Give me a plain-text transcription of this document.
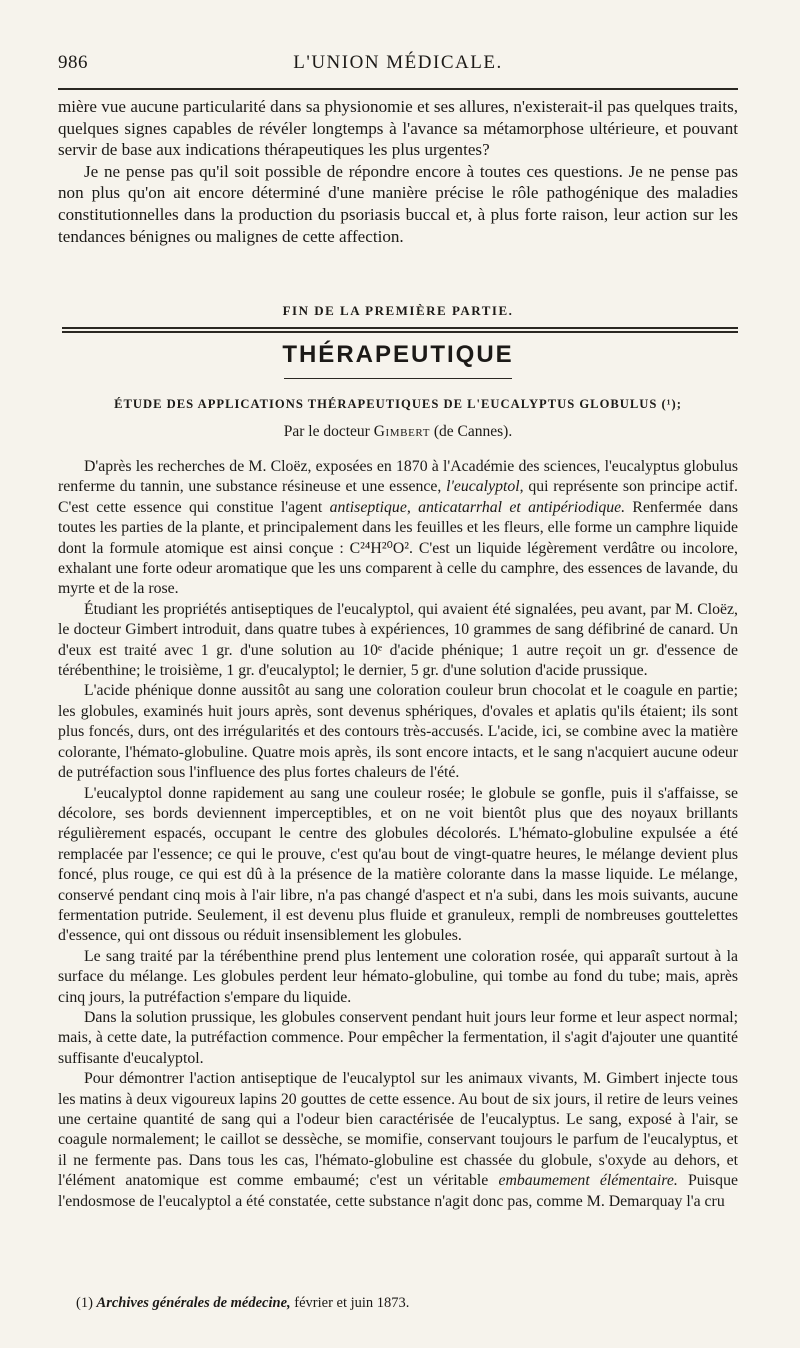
986	L'UNION MÉDICALE.

mière vue aucune particularité dans sa physionomie et ses allures, n'existerait-il pas quelques traits, quelques signes capables de révéler longtemps à l'avance sa métamorphose ultérieure, et pouvant servir de base aux indications thérapeutiques les plus urgentes?

Je ne pense pas qu'il soit possible de répondre encore à toutes ces questions. Je ne pense pas non plus qu'on ait encore déterminé d'une manière précise le rôle pathogénique des maladies constitutionnelles dans la production du psoriasis buccal et, à plus forte raison, leur action sur les tendances bénignes ou malignes de cette affection.

FIN DE LA PREMIÈRE PARTIE.
THÉRAPEUTIQUE
ÉTUDE DES APPLICATIONS THÉRAPEUTIQUES DE L'EUCALYPTUS GLOBULUS (¹);
Par le docteur Gimbert (de Cannes).

D'après les recherches de M. Cloëz, exposées en 1870 à l'Académie des sciences, l'eucalyptus globulus renferme du tannin, une substance résineuse et une essence, l'eucalyptol, qui représente son principe actif. C'est cette essence qui constitue l'agent antiseptique, anticatarrhal et antipériodique. Renfermée dans toutes les parties de la plante, et principalement dans les feuilles et les fleurs, elle forme un camphre liquide dont la formule atomique est ainsi conçue : C²⁴H²⁰O². C'est un liquide légèrement verdâtre ou incolore, exhalant une forte odeur aromatique que les uns comparent à celle du camphre, des essences de lavande, du myrte et de la rose.

Étudiant les propriétés antiseptiques de l'eucalyptol, qui avaient été signalées, peu avant, par M. Cloëz, le docteur Gimbert introduit, dans quatre tubes à expériences, 10 grammes de sang défibriné de canard. Un d'eux est traité avec 1 gr. d'une solution au 10ᵉ d'acide phénique; 1 autre reçoit un gr. d'essence de térébenthine; le troisième, 1 gr. d'eucalyptol; le dernier, 5 gr. d'une solution d'acide prussique.

L'acide phénique donne aussitôt au sang une coloration couleur brun chocolat et le coagule en partie; les globules, examinés huit jours après, sont devenus sphériques, d'ovales et aplatis qu'ils étaient; ils sont plus foncés, durs, ont des irrégularités et des contours très-accusés. L'acide, ici, se combine avec la matière colorante, l'hémato-globuline. Quatre mois après, ils sont encore intacts, et le sang n'acquiert aucune odeur de putréfaction sous l'influence des plus fortes chaleurs de l'été.

L'eucalyptol donne rapidement au sang une couleur rosée; le globule se gonfle, puis il s'affaisse, se décolore, ses bords deviennent imperceptibles, et on ne voit bientôt plus que des noyaux brillants régulièrement espacés, occupant le centre des globules décolorés. L'hémato-globuline expulsée a été remplacée par l'essence; ce qui le prouve, c'est qu'au bout de vingt-quatre heures, le mélange devient plus foncé, plus rouge, ce qui est dû à la présence de la matière colorante dans la masse liquide. Le mélange, conservé pendant cinq mois à l'air libre, n'a pas changé d'aspect et n'a subi, dans les mois suivants, aucune fermentation putride. Seulement, il est devenu plus fluide et granuleux, rempli de nombreuses gouttelettes d'essence, qui ont dissous ou réduit insensiblement les globules.

Le sang traité par la térébenthine prend plus lentement une coloration rosée, qui apparaît surtout à la surface du mélange. Les globules perdent leur hémato-globuline, qui tombe au fond du tube; mais, après cinq jours, la putréfaction s'empare du liquide.

Dans la solution prussique, les globules conservent pendant huit jours leur forme et leur aspect normal; mais, à cette date, la putréfaction commence. Pour empêcher la fermentation, il s'agit d'ajouter une quantité suffisante d'eucalyptol.

Pour démontrer l'action antiseptique de l'eucalyptol sur les animaux vivants, M. Gimbert injecte tous les matins à deux vigoureux lapins 20 gouttes de cette essence. Au bout de six jours, il retire de leurs veines une certaine quantité de sang qui a l'odeur bien caractérisée de l'eucalyptus. Le sang, exposé à l'air, se coagule normalement; le caillot se dessèche, se momifie, conservant toujours le parfum de l'eucalyptus, et il ne fermente pas. Dans tous les cas, l'hémato-globuline est chassée du globule, s'oxyde au dehors, et l'élément anatomique est comme embaumé; c'est un véritable embaumement élémentaire. Puisque l'endosmose de l'eucalyptol a été constatée, cette substance n'agit donc pas, comme M. Demarquay l'a cru

(1) Archives générales de médecine, février et juin 1873.
